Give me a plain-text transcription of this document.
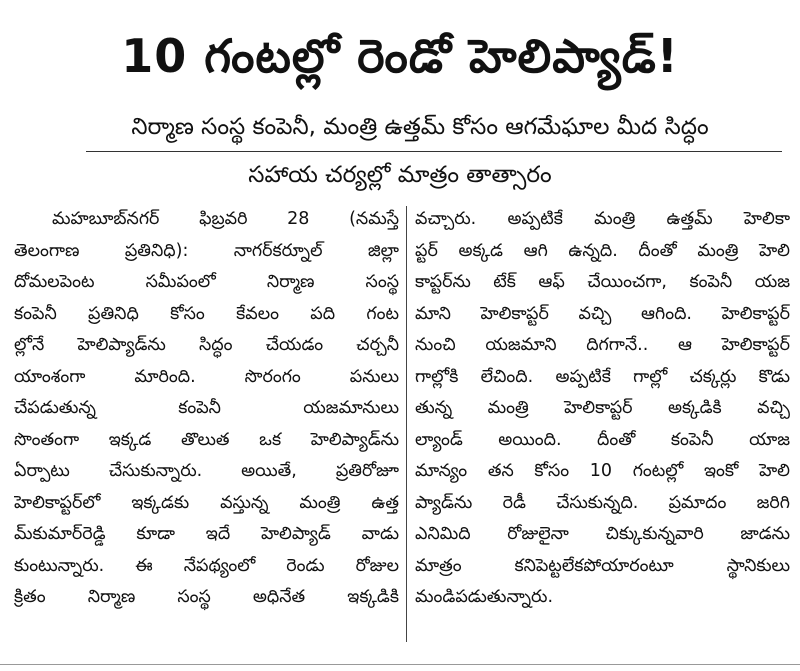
10 గంటల్లో రెండో హెలిప్యాడ్‌!

నిర్మాణ సంస్థ కంపెనీ, మంత్రి ఉత్తమ్‌ కోసం ఆగమేఘాల మీద సిద్ధం

సహాయ చర్యల్లో మాత్రం తాత్సారం

మహబూబ్‌నగర్‌ ఫిబ్రవరి 28 (నమస్తే
తెలంగాణ ప్రతినిధి): నాగర్‌కర్నూల్‌ జిల్లా
దోమలపెంట సమీపంలో నిర్మాణ సంస్థ
కంపెనీ ప్రతినిధి కోసం కేవలం పది గంట
ల్లోనే హెలిప్యాడ్‌ను సిద్ధం చేయడం చర్చనీ
యాంశంగా మారింది. సొరంగం పనులు
చేపడుతున్న కంపెనీ యజమానులు
సొంతంగా ఇక్కడ తొలుత ఒక హెలిప్యాడ్‌ను
ఏర్పాటు చేసుకున్నారు. అయితే, ప్రతిరోజూ
హెలికాప్టర్‌లో ఇక్కడకు వస్తున్న మంత్రి ఉత్త
మ్‌కుమార్‌రెడ్డి కూడా ఇదే హెలిప్యాడ్‌ వాడు
కుంటున్నారు. ఈ నేపథ్యంలో రెండు రోజుల
క్రితం నిర్మాణ సంస్థ అధినేత ఇక్కడికి
వచ్చారు. అప్పటికే మంత్రి ఉత్తమ్‌ హెలికా
ప్టర్‌ అక్కడ ఆగి ఉన్నది. దీంతో మంత్రి హెలి
కాప్టర్‌ను టేక్‌ ఆఫ్‌ చేయించగా, కంపెనీ యజ
మాని హెలికాప్టర్‌ వచ్చి ఆగింది. హెలికాప్టర్‌
నుంచి యజమాని దిగగానే.. ఆ హెలికాప్టర్‌
గాల్లోకి లేచింది. అప్పటికే గాల్లో చక్కర్లు కొడు
తున్న మంత్రి హెలికాప్టర్‌ అక్కడికి వచ్చి
ల్యాండ్‌ అయింది. దీంతో కంపెనీ యాజ
మాన్యం తన కోసం 10 గంటల్లో ఇంకో హెలి
ప్యాడ్‌ను రెడీ చేసుకున్నది. ప్రమాదం జరిగి
ఎనిమిది రోజులైనా చిక్కుకున్నవారి జాడను
మాత్రం కనిపెట్టలేకపోయారంటూ స్థానికులు
మండిపడుతున్నారు.
